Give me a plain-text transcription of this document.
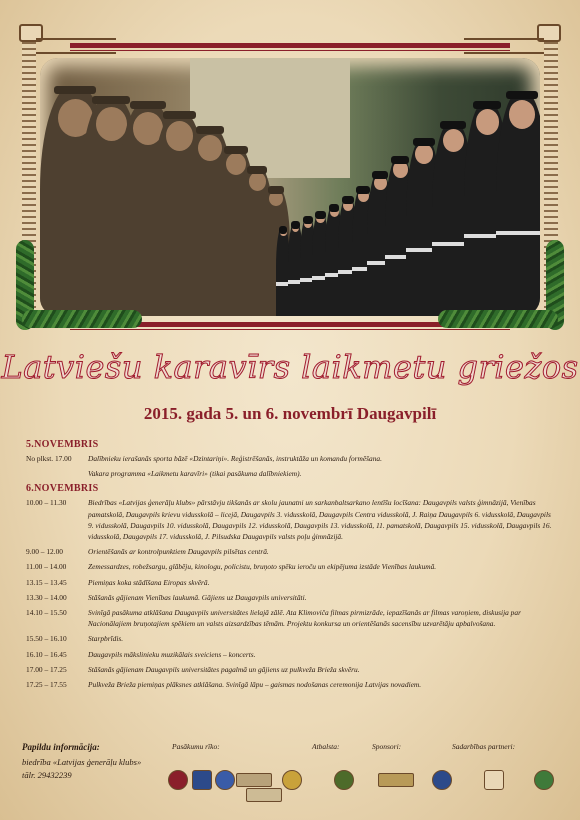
Latviešu karavīrs laikmetu griežos
2015. gada 5. un 6. novembrī Daugavpilī
5.NOVEMBRIS
No plkst. 17.00	Dalībnieku ierašanās sporta bāzē «Dzintariņi». Reģistrēšanās, instruktāža un komandu formēšana.
Vakara programma «Laikmetu karavīri» (tikai pasākuma dalībniekiem).
6.NOVEMBRIS
10.00 – 11.30	Biedrības «Latvijas ģenerāļu klubs» pārstāvju tikšanās ar skolu jaunatni un sarkanbaltsarkano lentīšu locīšana: Daugavpils valsts ģimnāzijā, Vienības pamatskolā, Daugavpils krievu vidusskolā – licejā, Daugavpils 3. vidusskolā, Daugavpils Centra vidusskolā, J. Raiņa Daugavpils 6. vidusskolā, Daugavpils 9. vidusskolā, Daugavpils 10. vidusskolā, Daugavpils 12. vidusskolā, Daugavpils 13. vidusskolā, 11. pamatskolā, Daugavpils 15. vidusskolā, Daugavpils 16. vidusskolā, Daugavpils 17. vidusskolā, J. Pilsudska Daugavpils valsts poļu ģimnāzijā.
9.00 – 12.00	Orientēšanās ar kontrolpunktiem Daugavpils pilsētas centrā.
11.00 – 14.00	Zemessardzes, robežsargu, glābēju, kinologu, policistu, bruņoto spēku ieroču un ekipējuma izstāde Vienības laukumā.
13.15 – 13.45	Piemiņas koka stādīšana Eiropas skvērā.
13.30 – 14.00	Stāšanās gājienam Vienības laukumā. Gājiens uz Daugavpils universitāti.
14.10 – 15.50	Svinīgā pasākuma atklāšana Daugavpils universitātes lielajā zālē. Ata Klimoviča filmas pirmizrāde, iepazīšanās ar filmas varoņiem, diskusija par Nacionālajiem bruņotajiem spēkiem un valsts aizsardzības tēmām. Projektu konkursa un orientēšanās sacensību uzvarētāju apbalvošana.
15.50 – 16.10	Starpbrīdis.
16.10 – 16.45	Daugavpils mākslinieku muzikālais sveiciens – koncerts.
17.00 – 17.25	Stāšanās gājienam Daugavpils universitātes pagalmā un gājiens uz pulkveža Brieža skvēru.
17.25 – 17.55	Pulkveža Brieža piemiņas plāksnes atklāšana. Svinīgā lāpu – gaismas nodošanas ceremonija Latvijas novadiem.
Papildu informācija:
biedrība «Latvijas ģenerāļu klubs»
tālr. 29432239
Pasākumu rīko:	Atbalsta:	Sponsori:	Sadarbības partneri:
